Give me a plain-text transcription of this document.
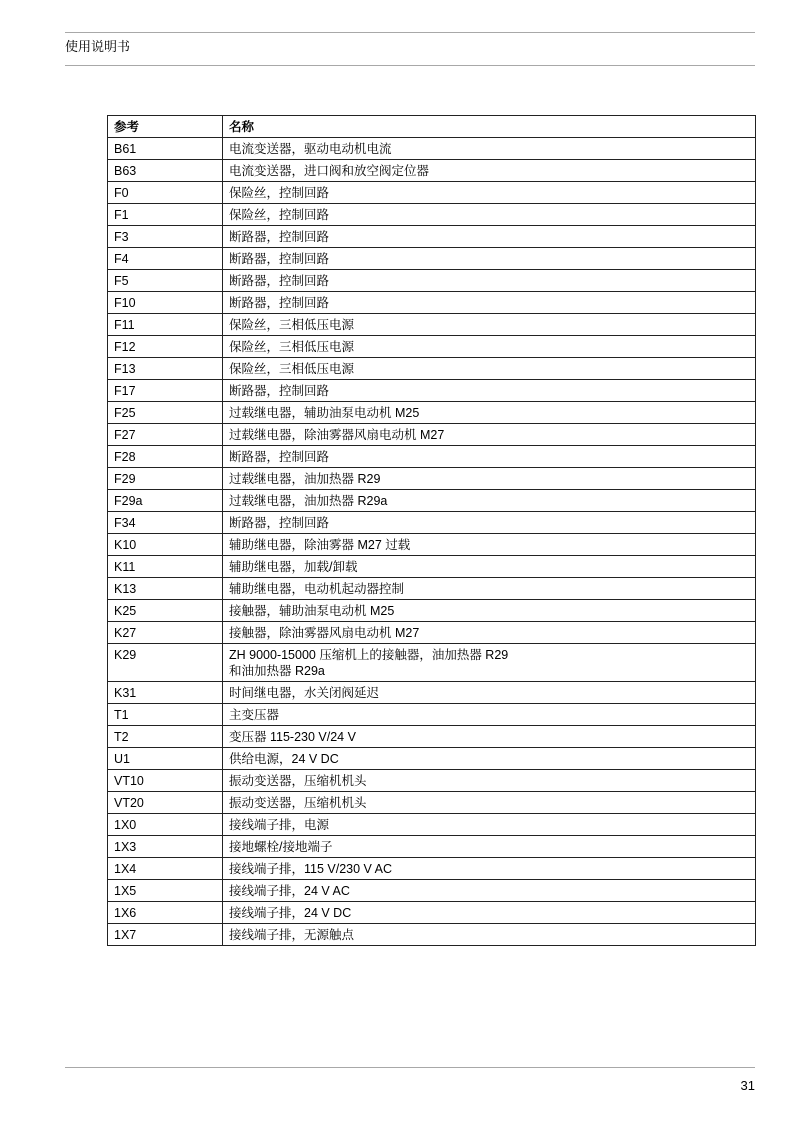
使用说明书
参考	名称
B61	电流变送器，驱动电动机电流
B63	电流变送器，进口阀和放空阀定位器
F0	保险丝，控制回路
F1	保险丝，控制回路
F3	断路器，控制回路
F4	断路器，控制回路
F5	断路器，控制回路
F10	断路器，控制回路
F11	保险丝，三相低压电源
F12	保险丝，三相低压电源
F13	保险丝，三相低压电源
F17	断路器，控制回路
F25	过载继电器，辅助油泵电动机 M25
F27	过载继电器，除油雾器风扇电动机 M27
F28	断路器，控制回路
F29	过载继电器，油加热器 R29
F29a	过载继电器，油加热器 R29a
F34	断路器，控制回路
K10	辅助继电器，除油雾器 M27 过载
K11	辅助继电器，加载/卸载
K13	辅助继电器，电动机起动器控制
K25	接触器，辅助油泵电动机 M25
K27	接触器，除油雾器风扇电动机 M27
K29	ZH 9000-15000 压缩机上的接触器，油加热器 R29
和油加热器 R29a

K31	时间继电器，水关闭阀延迟
T1	主变压器
T2	变压器 115-230 V/24 V
U1	供给电源，24 V DC
VT10	振动变送器，压缩机机头
VT20	振动变送器，压缩机机头
1X0	接线端子排，电源
1X3	接地螺栓/接地端子
1X4	接线端子排，115 V/230 V AC
1X5	接线端子排，24 V AC
1X6	接线端子排，24 V DC
1X7	接线端子排，无源触点
31
